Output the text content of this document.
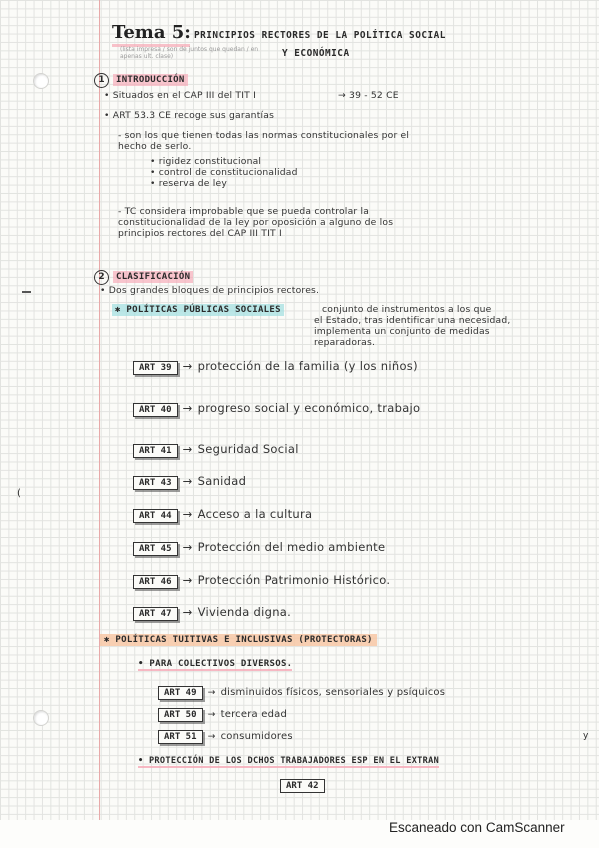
(
y
Tema 5: PRINCIPIOS RECTORES DE LA POLÍTICA SOCIAL
Y ECONÓMICA
(lista impresa / son de juntos que quedan / en apenas ult. clase)
1 INTRODUCCIÓN
• Situados en el CAP III del TIT I	→ 39 - 52 CE
• ART 53.3 CE recoge sus garantías
- son los que tienen todas las normas constitucionales por el
hecho de serlo.
• rigidez constitucional
• control de constitucionalidad
• reserva de ley
- TC considera improbable que se pueda controlar la
constitucionalidad de la ley por oposición a alguno de los
principios rectores del CAP III TIT I
2 CLASIFICACIÓN
• Dos grandes bloques de principios rectores.
✱ POLÍTICAS PÚBLICAS SOCIALES	conjunto de instrumentos a los que
el Estado, tras identificar una necesidad,
implementa un conjunto de medidas
reparadoras.
ART 39 → protección de la familia (y los niños)
ART 40 → progreso social y económico, trabajo
ART 41 → Seguridad Social
ART 43 → Sanidad
ART 44 → Acceso a la cultura
ART 45 → Protección del medio ambiente
ART 46 → Protección Patrimonio Histórico.
ART 47 → Vivienda digna.
✱ POLÍTICAS TUITIVAS E INCLUSIVAS (PROTECTORAS)
• PARA COLECTIVOS DIVERSOS.
ART 49 → disminuidos físicos, sensoriales y psíquicos
ART 50 → tercera edad
ART 51 → consumidores
• PROTECCIÓN DE LOS DCHOS TRABAJADORES ESP EN EL EXTRAN
ART 42
Escaneado con CamScanner
